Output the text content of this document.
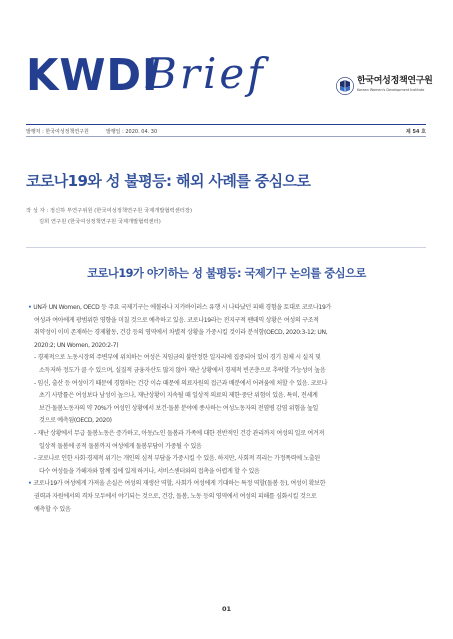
KWDI
Brief	한국여성정책연구원
Korean Women's Development Institute
발행처 : 한국여성정책연구원	발행일 : 2020. 04. 30	제 54 호
코로나19와 성 불평등: 해외 사례를 중심으로
작 성 자 : 정신하 부연구위원 (한국여성정책연구원 국제개발협력센터장)
김희 연구원 (한국여성정책연구원 국제개발협력센터)
코로나19가 야기하는 성 불평등: 국제기구 논의를 중심으로
• UN과 UN Women, OECD 등 주요 국제기구는 에볼라나 지카바이러스 유행 시 나타났던 피해 경험을 토대로 코로나19가
여성과 여아에게 광범위한 영향을 미칠 것으로 예측하고 있음. 코로나19라는 전지구적 팬데믹 상황은 여성의 구조적
취약성이 이미 존재하는 경제활동, 건강 등의 영역에서 차별적 상황을 가중시킬 것이라 분석함(OECD, 2020:3-12; UN,
2020:2; UN Women, 2020:2-7)
- 경제적으로 노동시장의 주변부에 위치하는 여성은 저임금의 불안정한 일자리에 집중되어 있어 경기 침체 시 실직 및
소득저하 정도가 클 수 있으며, 실질적 금융자산도 많지 않아 재난 상황에서 경제적 빈곤층으로 추락할 가능성이 높음
- 임신, 출산 등 여성이기 때문에 경험하는 건강 이슈 때문에 의료자원의 접근과 배분에서 어려움에 처할 수 있음. 코로나
초기 사망률은 여성보다 남성이 높으나, 재난상황이 지속될 때 일상적 의료의 제한·중단 위험이 있음. 특히, 전세계
보건·돌봄노동자의 약 70%가 여성인 상황에서 보건·돌봄 분야에 종사하는 여성노동자의 전염병 감염 위험을 높일
것으로 예측됨(OECD, 2020)
- 재난 상황에서 무급 돌봄노동은 증가하고, 아동/노인 돌봄과 가족에 대한 전반적인 건강 관리까지 여성의 일로 여겨져
일상적 돌봄에 공적 돌봄까지 여성에게 돌봄부담이 가중될 수 있음
- 코로나로 인한 사회·경제적 위기는 개인의 심적 부담을 가중시킬 수 있음. 하지만, 사회적 격리는 가정폭력에 노출된
다수 여성들을 가해자와 함께 집에 있게 하거나, 서비스센터와의 접촉을 어렵게 할 수 있음
• 코로나19가 여성에게 가져올 손실은 여성의 재생산 역할, 사회가 여성에게 기대하는 특정 역할(돌봄 등), 여성이 확보한
권력과 자원에서의 격차 모두에서 야기되는 것으로, 건강, 돌봄, 노동 등의 영역에서 여성의 피해를 심화시킬 것으로
예측할 수 있음
01
